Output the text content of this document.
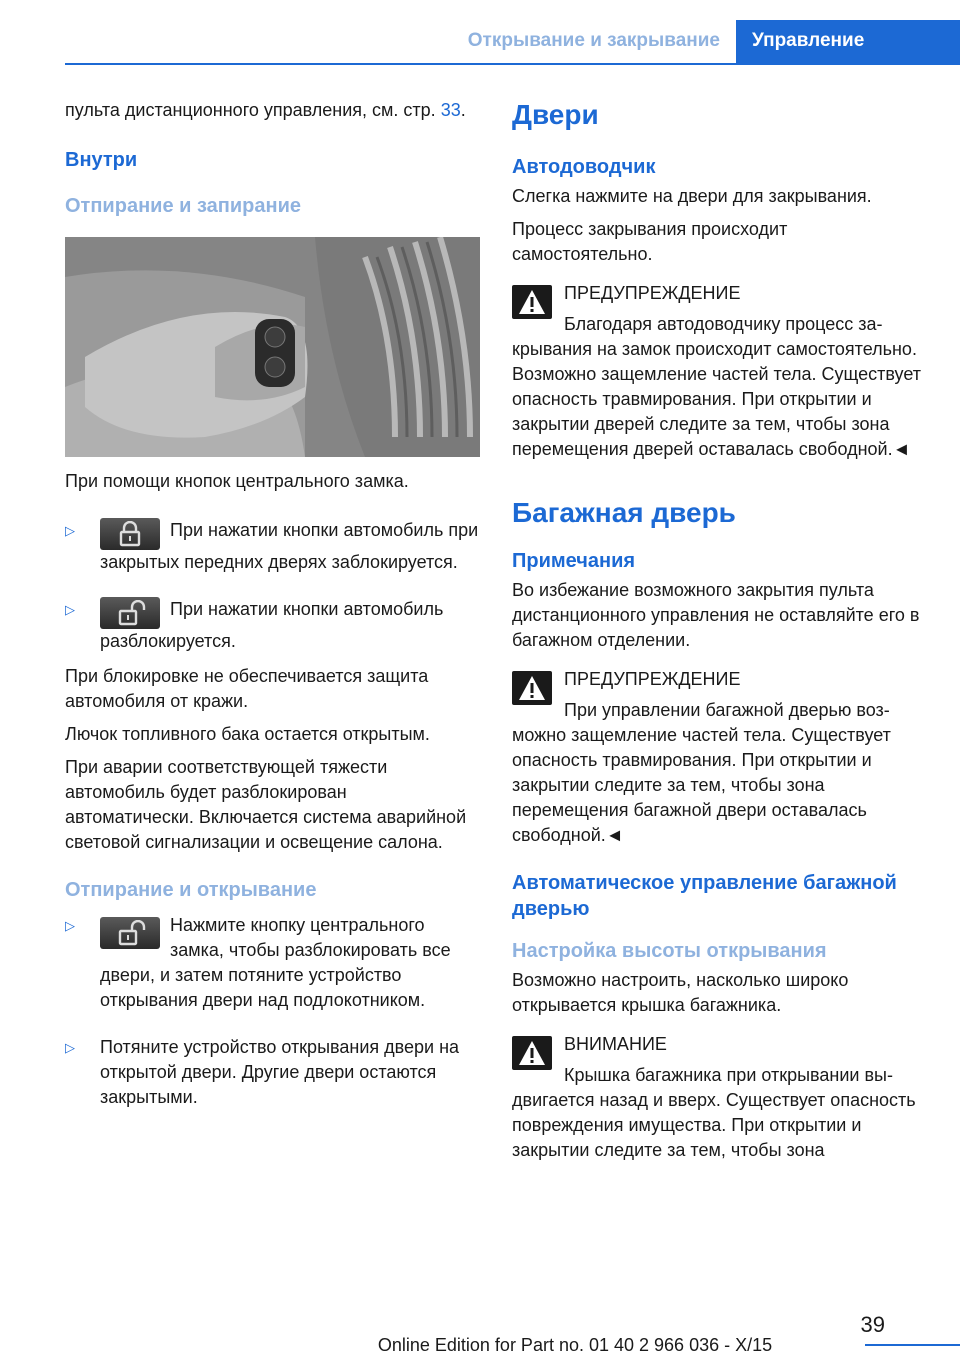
Открывание и закрывание	Управление
пульта дистанционного управления, см. стр. 33.
Внутри
Отпирание и запирание
При помощи кнопок центрального замка.
▷	При нажатии кнопки автомобиль при закрытых передних дверях заблокируется.
▷	При нажатии кнопки автомобиль разблокируется.
При блокировке не обеспечивается защита автомобиля от кражи.
Лючок топливного бака остается открытым.
При аварии соответствующей тяжести автомобиль будет разблокирован автоматически. Включается система аварийной световой сигнализации и освещение салона.
Отпирание и открывание
▷	Нажмите кнопку центрального замка, чтобы разблокировать все двери, и затем потяните устройство открывания двери над подлокотником.
▷ Потяните устройство открывания двери на открытой двери. Другие двери остаются закрытыми.
Двери
Автодоводчик
Слегка нажмите на двери для закрывания.
Процесс закрывания происходит самостоятельно.
ПРЕДУПРЕЖДЕНИЕ
Благодаря автодоводчику процесс за-
крывания на замок происходит самостоятельно. Возможно защемление частей тела. Существует опасность травмирования. При открытии и закрытии дверей следите за тем, чтобы зона перемещения дверей оставалась свободной.◄
Багажная дверь
Примечания
Во избежание возможного закрытия пульта дистанционного управления не оставляйте его в багажном отделении.
ПРЕДУПРЕЖДЕНИЕ
При управлении багажной дверью воз-
можно защемление частей тела. Существует опасность травмирования. При открытии и закрытии следите за тем, чтобы зона перемещения багажной двери оставалась свободной.◄
Автоматическое управление багажной дверью
Настройка высоты открывания
Возможно настроить, насколько широко открывается крышка багажника.
ВНИМАНИЕ
Крышка багажника при открывании вы-
двигается назад и вверх. Существует опасность повреждения имущества. При открытии и закрытии следите за тем, чтобы зона
39
Online Edition for Part no. 01 40 2 966 036 - X/15
